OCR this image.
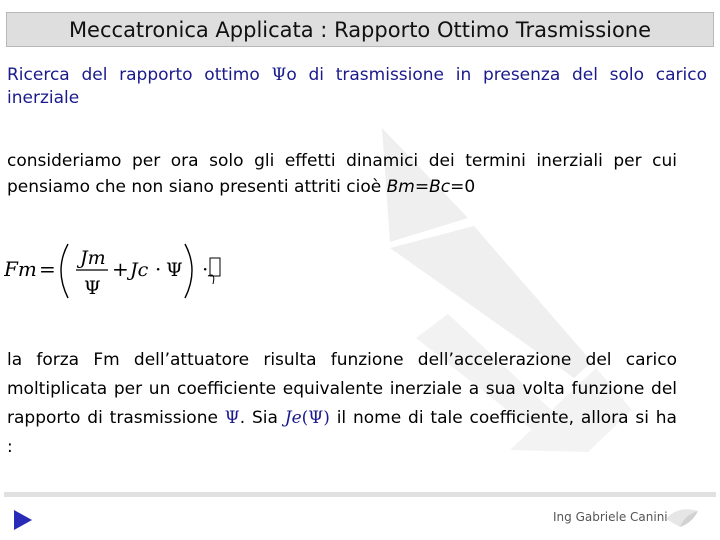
Meccatronica Applicata : Rapporto Ottimo Trasmissione
Ricerca del rapporto ottimo Ψo di trasmissione in presenza del solo carico
inerziale
consideriamo per ora solo gli effetti dinamici dei termini inerziali per cui
pensiamo che non siano presenti attriti cioè Bm=Bc=0
Fm = Jm
Ψ
+ Jc · Ψ ·
la forza Fm dell’attuatore risulta funzione dell’accelerazione del carico
moltiplicata per un coefficiente equivalente inerziale a sua volta funzione del
rapporto di trasmissione Ψ. Sia Je(Ψ) il nome di tale coefficiente, allora si ha
:
Ing Gabriele Canini
